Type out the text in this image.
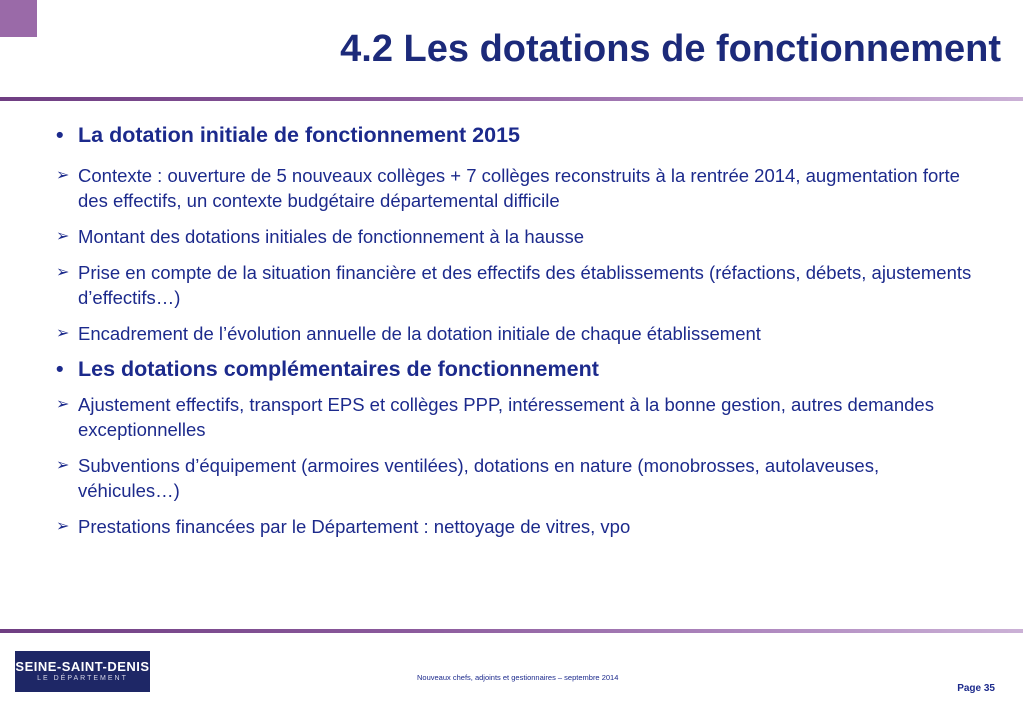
4.2 Les dotations de fonctionnement
• La dotation initiale de fonctionnement 2015
➢ Contexte : ouverture de 5 nouveaux collèges + 7 collèges reconstruits à la rentrée 2014, augmentation forte des effectifs, un contexte budgétaire départemental difficile
➢ Montant des dotations initiales de fonctionnement à la hausse
➢ Prise en compte de la situation financière et des effectifs des établissements (réfactions, débets, ajustements d’effectifs…)
➢ Encadrement de l’évolution annuelle de la dotation initiale de chaque établissement
• Les dotations complémentaires de fonctionnement
➢ Ajustement effectifs, transport EPS et collèges PPP, intéressement à la bonne gestion, autres demandes exceptionnelles
➢ Subventions d’équipement (armoires ventilées), dotations en nature (monobrosses, autolaveuses, véhicules…)
➢ Prestations financées par le Département : nettoyage de vitres, vpo
SEINE-SAINT-DENIS
LE DÉPARTEMENT	Nouveaux chefs, adjoints et gestionnaires – septembre 2014
Page 35
